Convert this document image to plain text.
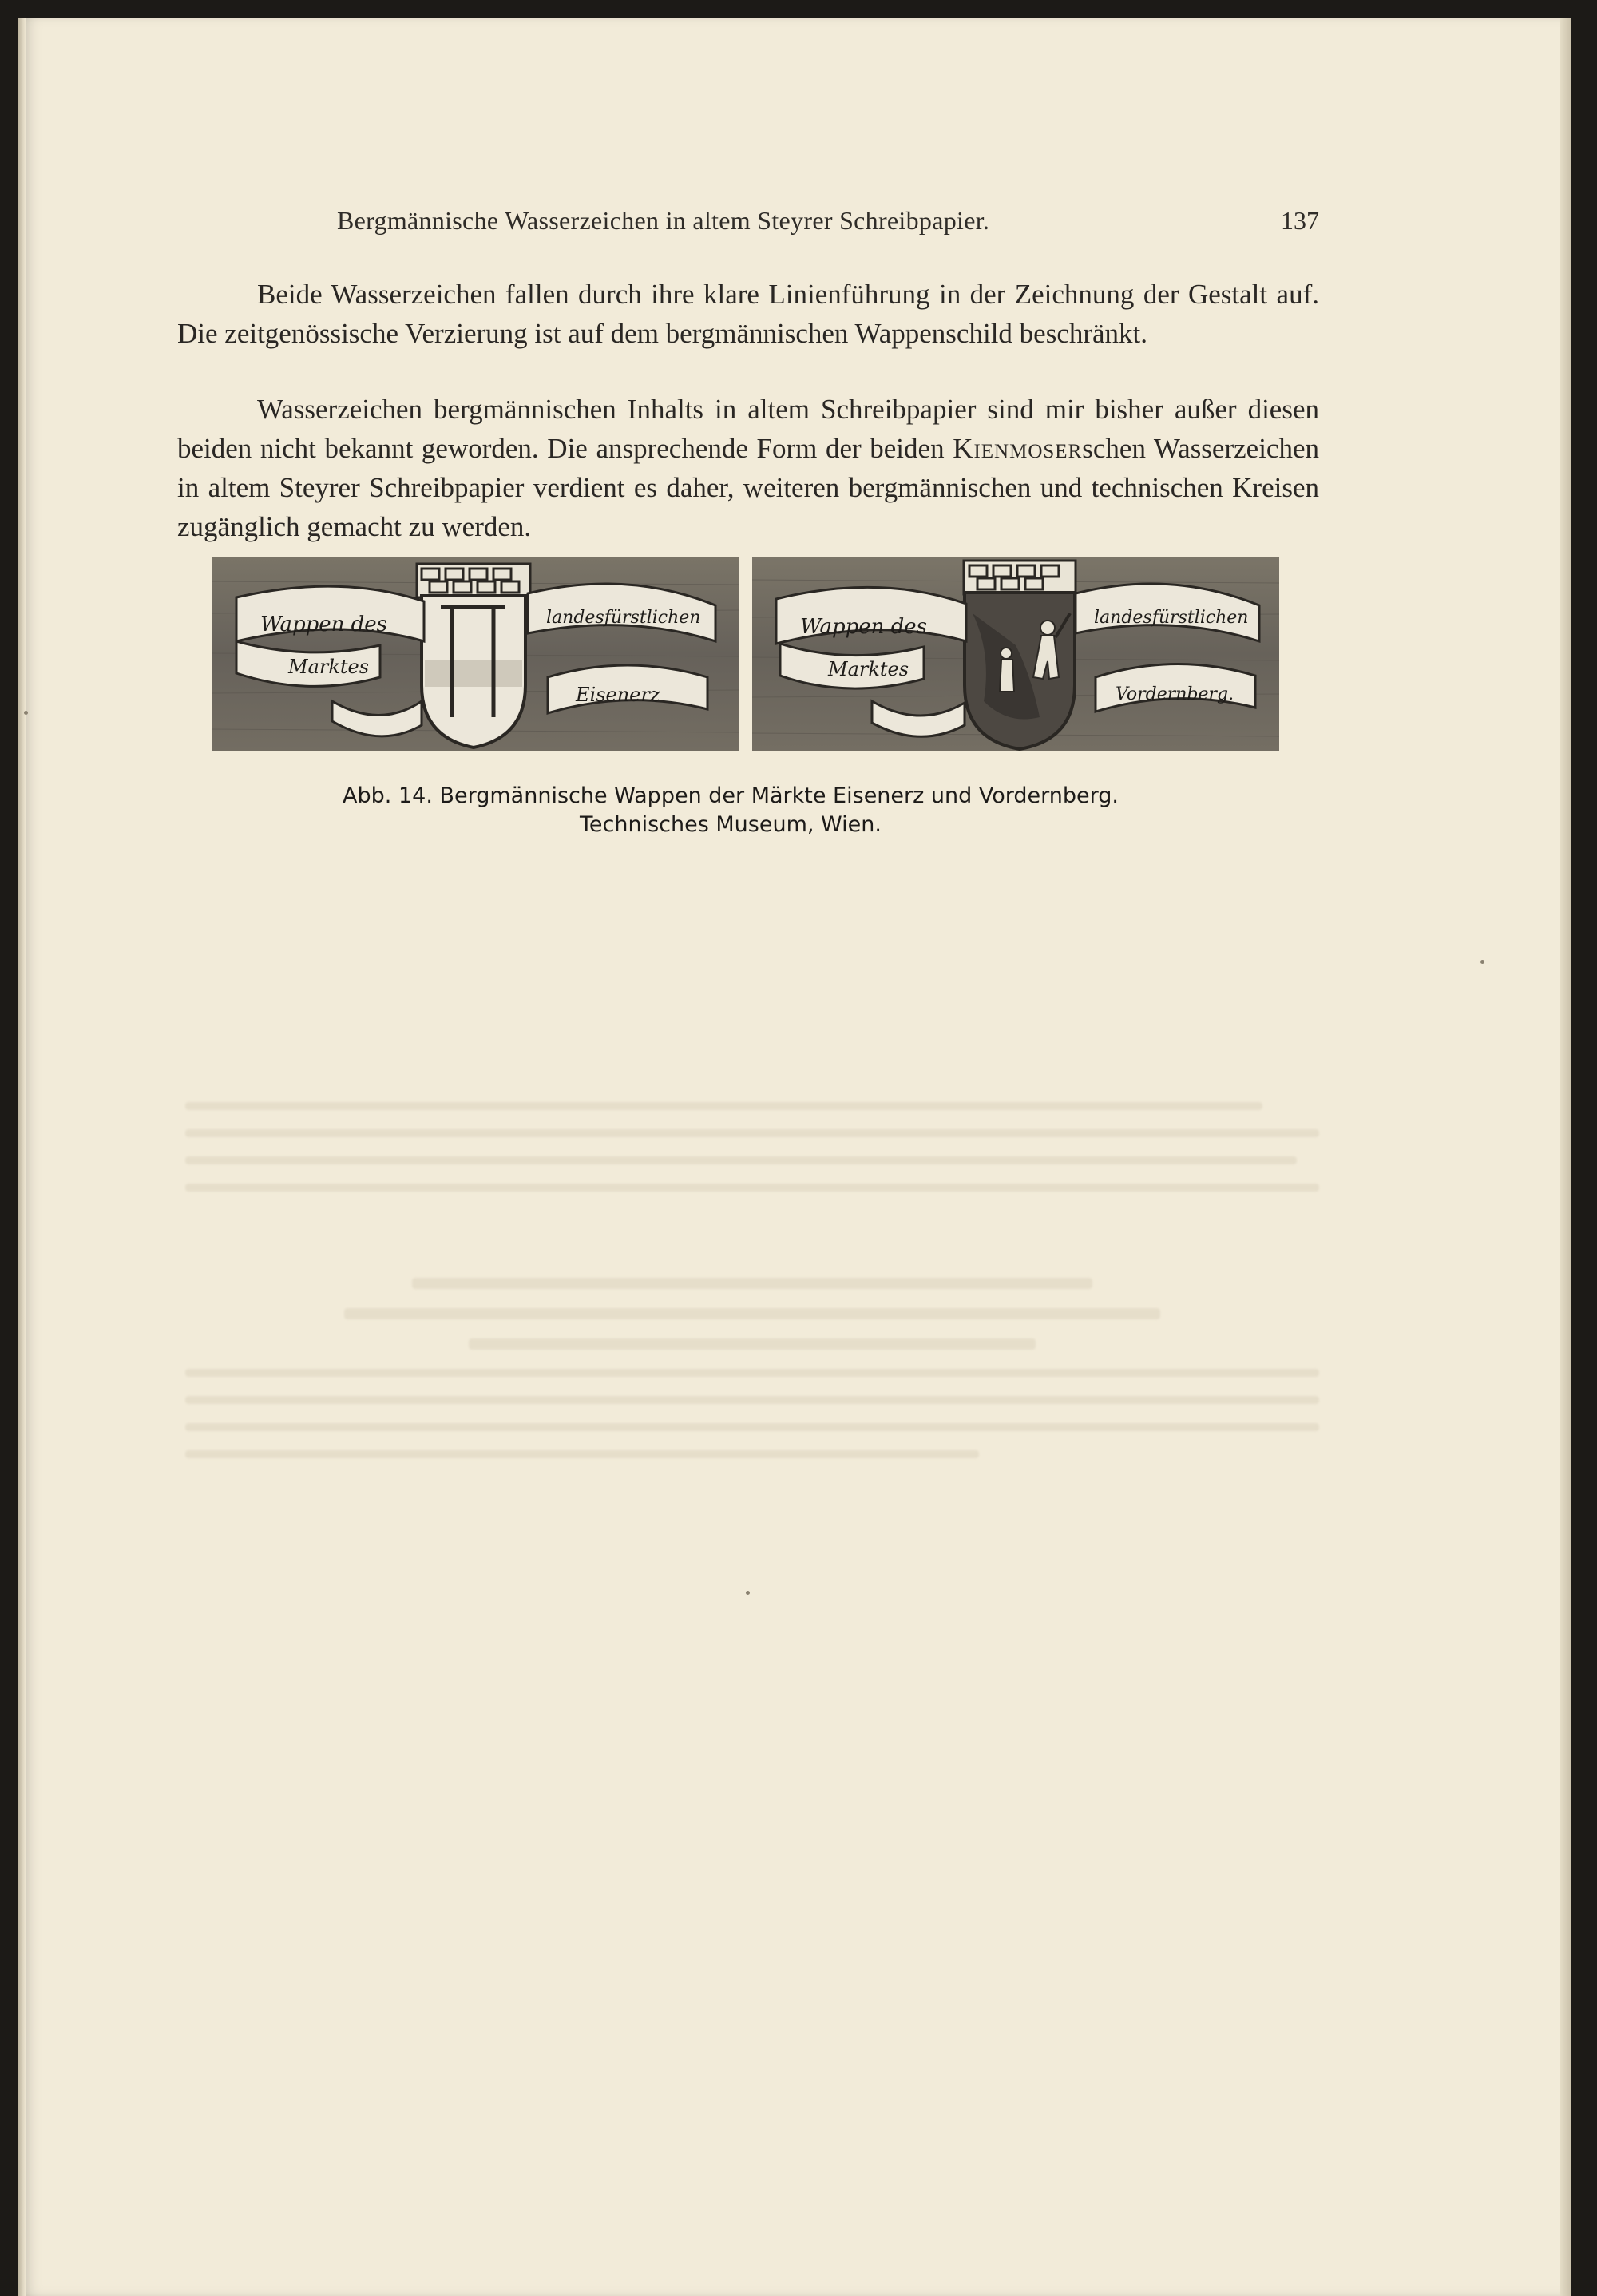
Bergmännische Wasserzeichen in altem Steyrer Schreibpapier.	137

Beide Wasserzeichen fallen durch ihre klare Linienführung in der Zeichnung der Gestalt auf. Die zeitgenössische Verzierung ist auf dem bergmännischen Wappenschild beschränkt.

Wasserzeichen bergmännischen Inhalts in altem Schreibpapier sind mir bisher außer diesen beiden nicht bekannt geworden. Die ansprechende Form der beiden Kienmoserschen Wasserzeichen in altem Steyrer Schreibpapier verdient es daher, weiteren bergmännischen und technischen Kreisen zugänglich gemacht zu werden.

Wappen des
Marktes
landesfürstlichen
Eisenerz
Wappen des
Marktes
landesfürstlichen
Vordernberg.
Abb. 14. Bergmännische Wappen der Märkte Eisenerz und Vordernberg.
Technisches Museum, Wien.
